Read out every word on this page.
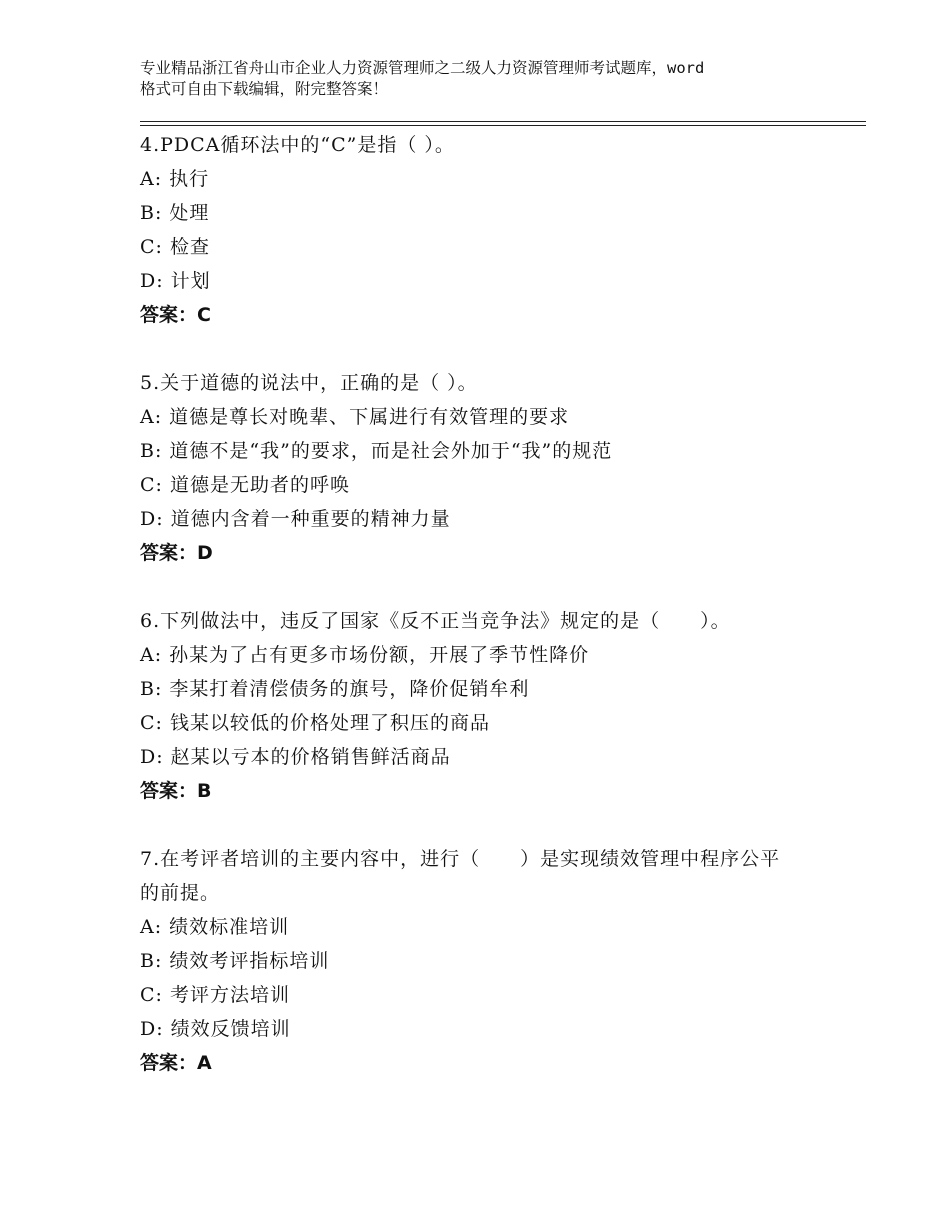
专业精品浙江省舟山市企业人力资源管理师之二级人力资源管理师考试题库，word
格式可自由下载编辑，附完整答案！
4.PDCA循环法中的“C”是指（ ）。
A: 执行
B: 处理
C: 检查
D: 计划
答案：C
5.关于道德的说法中，正确的是（ ）。
A: 道德是尊长对晚辈、下属进行有效管理的要求
B: 道德不是“我”的要求，而是社会外加于“我”的规范
C: 道德是无助者的呼唤
D: 道德内含着一种重要的精神力量
答案：D
6.下列做法中，违反了国家《反不正当竞争法》规定的是（　　）。
A: 孙某为了占有更多市场份额，开展了季节性降价
B: 李某打着清偿债务的旗号，降价促销牟利
C: 钱某以较低的价格处理了积压的商品
D: 赵某以亏本的价格销售鲜活商品
答案：B
7.在考评者培训的主要内容中，进行（　　）是实现绩效管理中程序公平的前提。
A: 绩效标准培训
B: 绩效考评指标培训
C: 考评方法培训
D: 绩效反馈培训
答案：A
